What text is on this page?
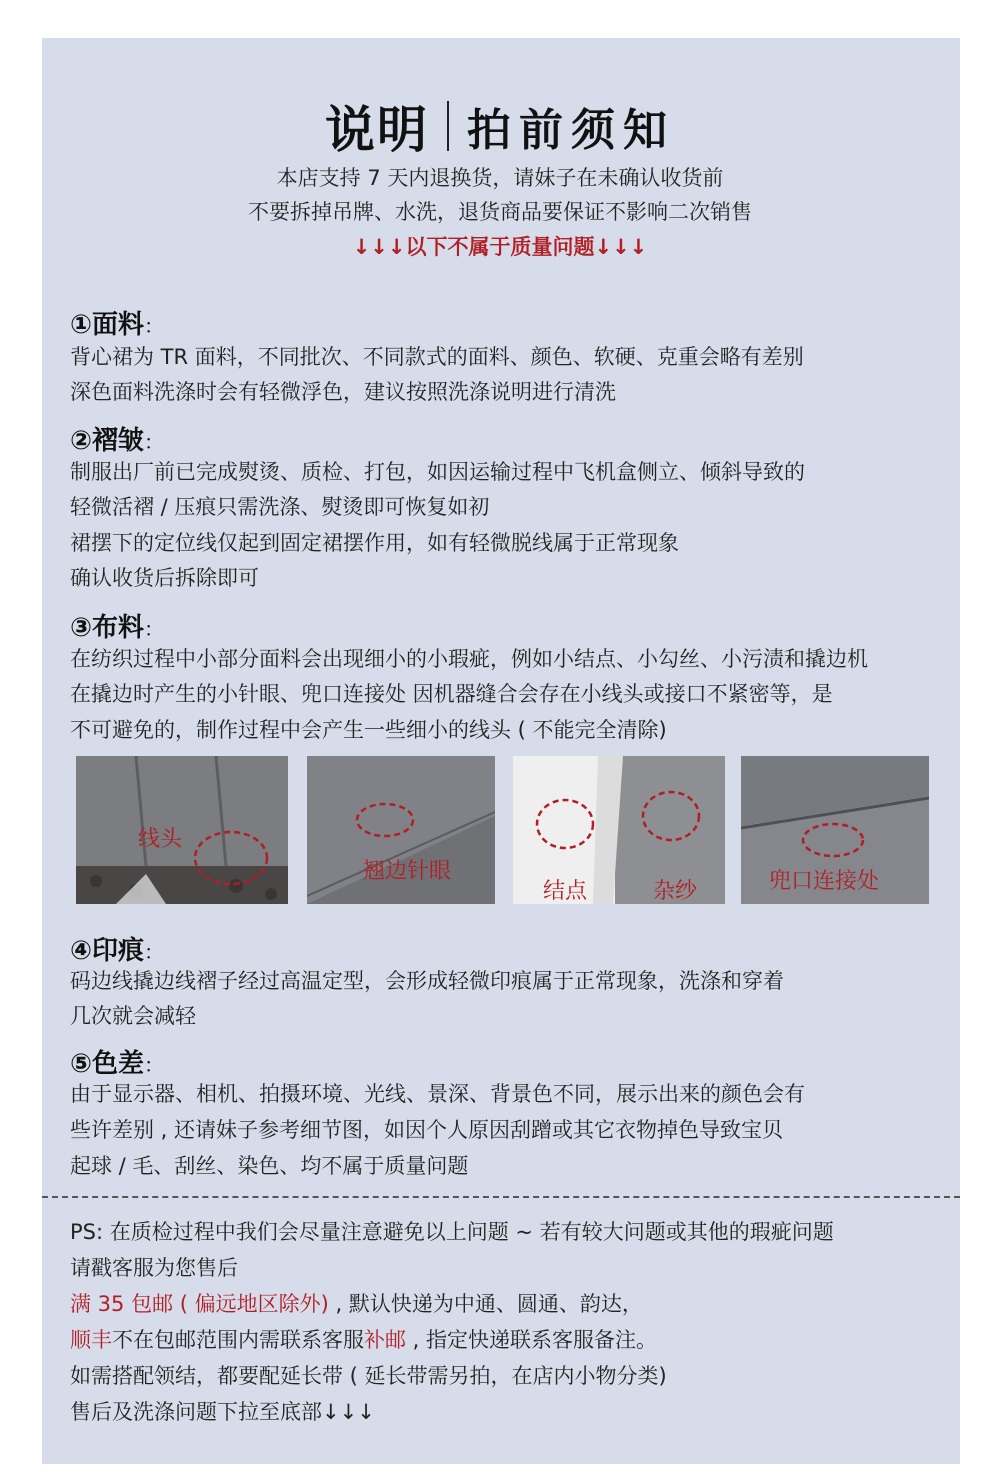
说明 拍前须知
本店支持 7 天内退换货，请妹子在未确认收货前
不要拆掉吊牌、水洗，退货商品要保证不影响二次销售
↓↓↓以下不属于质量问题↓↓↓
①面料：
背心裙为 TR 面料，不同批次、不同款式的面料、颜色、软硬、克重会略有差别
深色面料洗涤时会有轻微浮色，建议按照洗涤说明进行清洗
②褶皱：
制服出厂前已完成熨烫、质检、打包，如因运输过程中飞机盒侧立、倾斜导致的
轻微活褶 / 压痕只需洗涤、熨烫即可恢复如初
裙摆下的定位线仅起到固定裙摆作用，如有轻微脱线属于正常现象
确认收货后拆除即可
③布料：
在纺织过程中小部分面料会出现细小的小瑕疵，例如小结点、小勾丝、小污渍和撬边机
在撬边时产生的小针眼、兜口连接处 因机器缝合会存在小线头或接口不紧密等，是
不可避免的，制作过程中会产生一些细小的线头 ( 不能完全清除)
线头
翘边针眼
结点	杂纱	兜口连接处
④印痕：
码边线撬边线褶子经过高温定型，会形成轻微印痕属于正常现象，洗涤和穿着
几次就会减轻
⑤色差：
由于显示器、相机、拍摄环境、光线、景深、背景色不同，展示出来的颜色会有
些许差别 , 还请妹子参考细节图，如因个人原因刮蹭或其它衣物掉色导致宝贝
起球 / 毛、刮丝、染色、均不属于质量问题
PS: 在质检过程中我们会尽量注意避免以上问题 ~ 若有较大问题或其他的瑕疵问题
请戳客服为您售后
满 35 包邮 ( 偏远地区除外) , 默认快递为中通、圆通、韵达，
顺丰不在包邮范围内需联系客服补邮 , 指定快递联系客服备注。
如需搭配领结，都要配延长带 ( 延长带需另拍，在店内小物分类)
售后及洗涤问题下拉至底部↓↓↓
